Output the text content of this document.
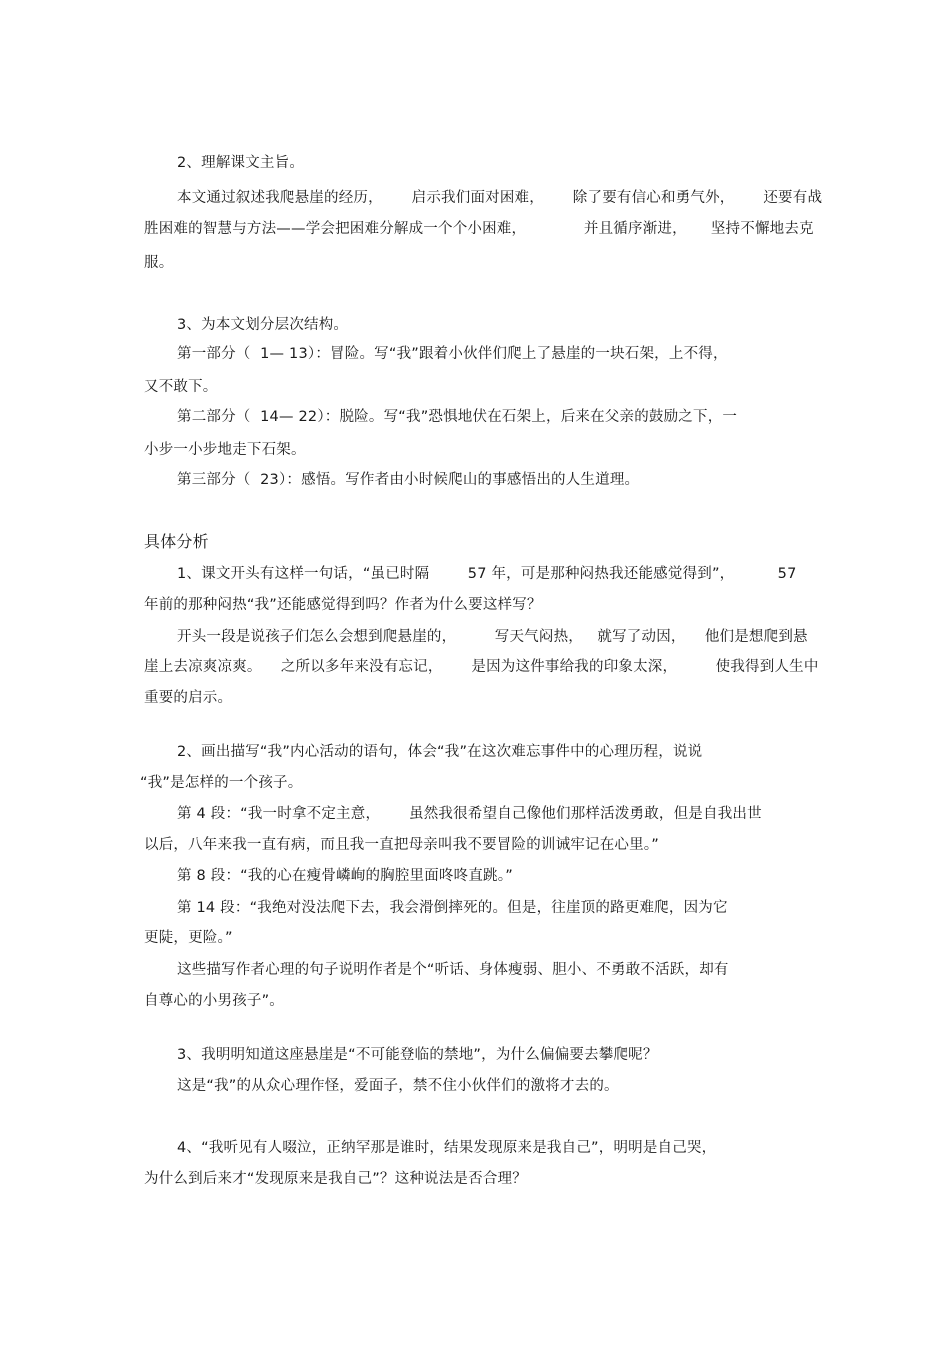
2、理解课文主旨。
本文通过叙述我爬悬崖的经历，      启示我们面对困难，      除了要有信心和勇气外，      还要有战
胜困难的智慧与方法——学会把困难分解成一个个小困难，            并且循序渐进，     坚持不懈地去克
服。
3、为本文划分层次结构。
第一部分（  1— 13）：冒险。写“我”跟着小伙伴们爬上了悬崖的一块石架，上不得，
又不敢下。
第二部分（  14— 22）：脱险。写“我”恐惧地伏在石架上，后来在父亲的鼓励之下，一
小步一小步地走下石架。
第三部分（  23）：感悟。写作者由小时候爬山的事感悟出的人生道理。
具体分析
1、课文开头有这样一句话，“虽已时隔        57 年，可是那种闷热我还能感觉得到”，         57
年前的那种闷热“我”还能感觉得到吗？作者为什么要这样写？
开头一段是说孩子们怎么会想到爬悬崖的，        写天气闷热，   就写了动因，    他们是想爬到悬
崖上去凉爽凉爽。    之所以多年来没有忘记，      是因为这件事给我的印象太深，        使我得到人生中
重要的启示。
2、画出描写“我”内心活动的语句，体会“我”在这次难忘事件中的心理历程，说说
“我”是怎样的一个孩子。
第 4 段：“我一时拿不定主意，      虽然我很希望自己像他们那样活泼勇敢，但是自我出世
以后，八年来我一直有病，而且我一直把母亲叫我不要冒险的训诫牢记在心里。”
第 8 段：“我的心在瘦骨嶙峋的胸腔里面咚咚直跳。”
第 14 段：“我绝对没法爬下去，我会滑倒摔死的。但是，往崖顶的路更难爬，因为它
更陡，更险。”
这些描写作者心理的句子说明作者是个“听话、身体瘦弱、胆小、不勇敢不活跃，却有
自尊心的小男孩子”。
3、我明明知道这座悬崖是“不可能登临的禁地”，为什么偏偏要去攀爬呢？
这是“我”的从众心理作怪，爱面子，禁不住小伙伴们的激将才去的。
4、“我听见有人啜泣，正纳罕那是谁时，结果发现原来是我自己”，明明是自己哭，
为什么到后来才“发现原来是我自己”？这种说法是否合理？
